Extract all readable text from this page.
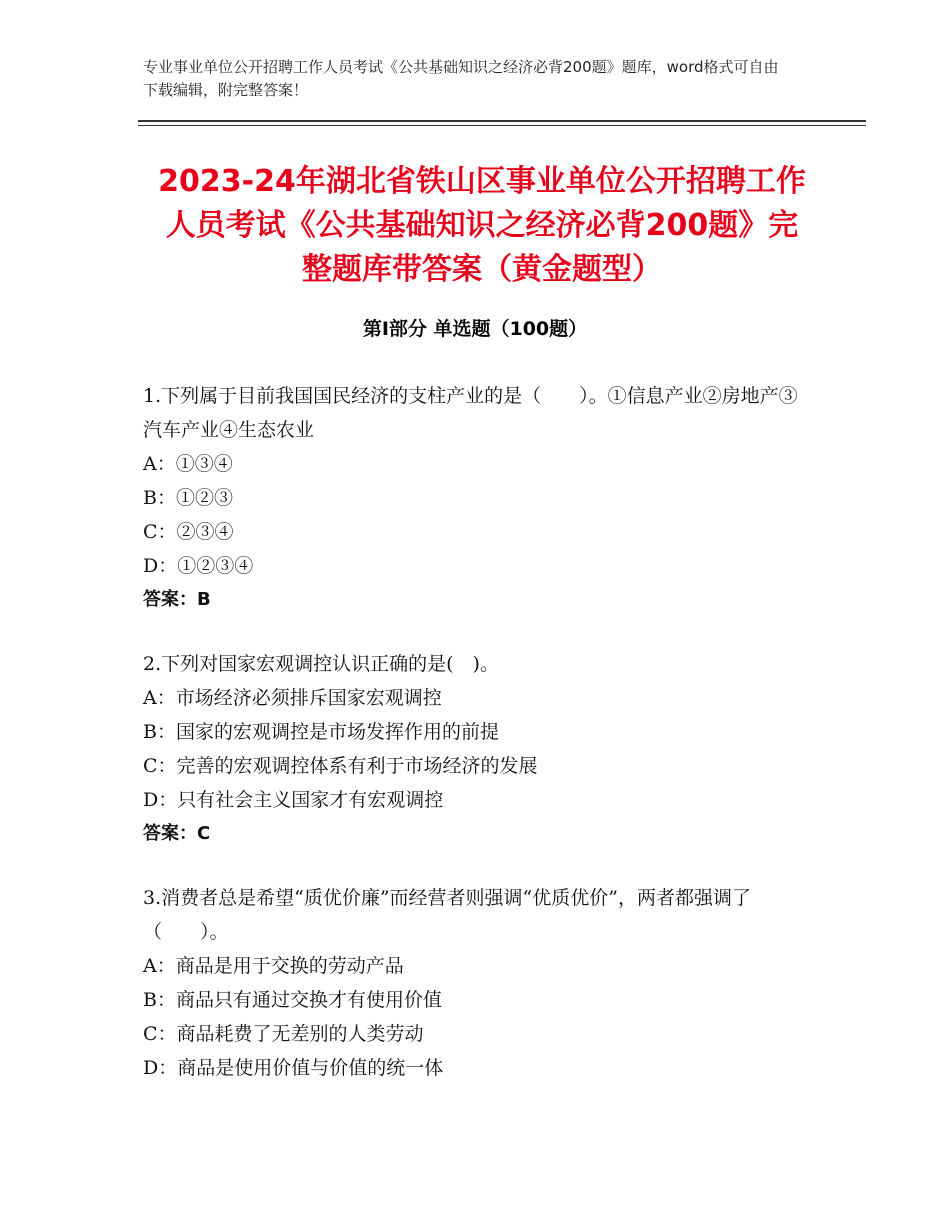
专业事业单位公开招聘工作人员考试《公共基础知识之经济必背200题》题库，word格式可自由下载编辑，附完整答案！
2023-24年湖北省铁山区事业单位公开招聘工作人员考试《公共基础知识之经济必背200题》完整题库带答案（黄金题型）
第Ⅰ部分 单选题（100题）
1.下列属于目前我国国民经济的支柱产业的是（　　）。①信息产业②房地产③汽车产业④生态农业
A：①③④
B：①②③
C：②③④
D：①②③④
答案：B
2.下列对国家宏观调控认识正确的是(　)。
A：市场经济必须排斥国家宏观调控
B：国家的宏观调控是市场发挥作用的前提
C：完善的宏观调控体系有利于市场经济的发展
D：只有社会主义国家才有宏观调控
答案：C
3.消费者总是希望“质优价廉”而经营者则强调“优质优价”，两者都强调了（　　）。
A：商品是用于交换的劳动产品
B：商品只有通过交换才有使用价值
C：商品耗费了无差别的人类劳动
D：商品是使用价值与价值的统一体
